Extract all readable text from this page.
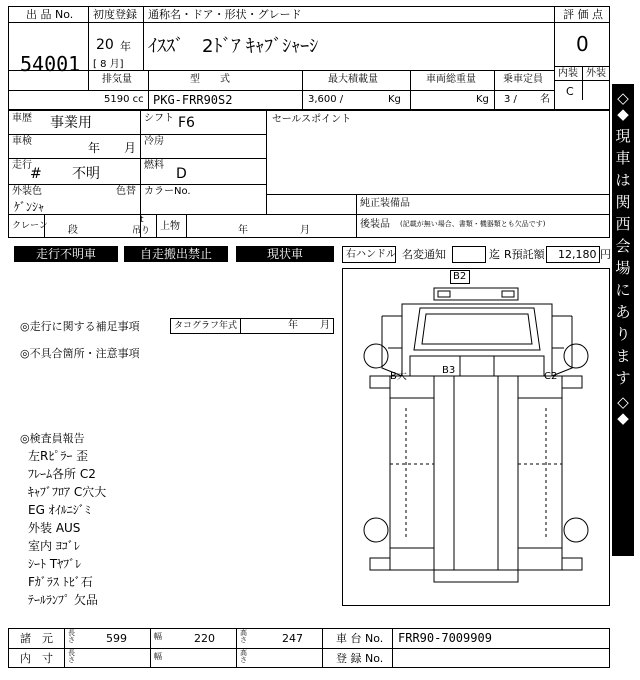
出 品 No.
54001
初度登録
20 年
[ 8 月]
通称名・ドア・形状・グレード
ｲｽｽﾞ　2ﾄﾞｱ ｷｬﾌﾞｼｬｰｼ
評 価 点
0
内装 外装
C
排気量
5190 cc
型　　式
PKG-FRR90S2
最大積載量
3,600 /	Kg
車両総重量
Kg
乗車定員
3 / 名
車歴 事業用	シフト F6
車検	年 月 冷房
走行
# 不明
燃料
D
外装色
ｹﾞﾝｼｬ
色替 カラーNo.
クレーン 段
t
吊り 上物	年	月
セールスポイント
純正装備品
後装品 (記載が無い場合、書類・機器類とも欠品です)
走行不明車	自走搬出禁止	現状車	右ハンドル 名変通知	迄 R預託額 12,180 円
◎走行に関する補足事項	タコグラフ年式	年 月
◎不具合箇所・注意事項
◎検査員報告
左Rﾋﾟﾗｰ 歪
ﾌﾚｰﾑ各所 C2
ｷｬﾌﾞﾌﾛｱ C穴大
EG ｵｲﾙﾆｼﾞﾐ
外装 AUS
室内 ﾖｺﾞﾚ
ｼｰﾄ Tﾔﾌﾞﾚ
Fｶﾞﾗｽ ﾄﾋﾞ石
ﾃｰﾙﾗﾝﾌﾟ 欠品
B2
B大
B3
C2
◇
◆
現
車
は
関
西
会
場
に
あ
り
ま
す
◇
◆
諸　元 長さ	599	幅	220	高さ	247	車 台 No. FRR90-7009909
内　寸 長さ	幅	高さ	登 録 No.
